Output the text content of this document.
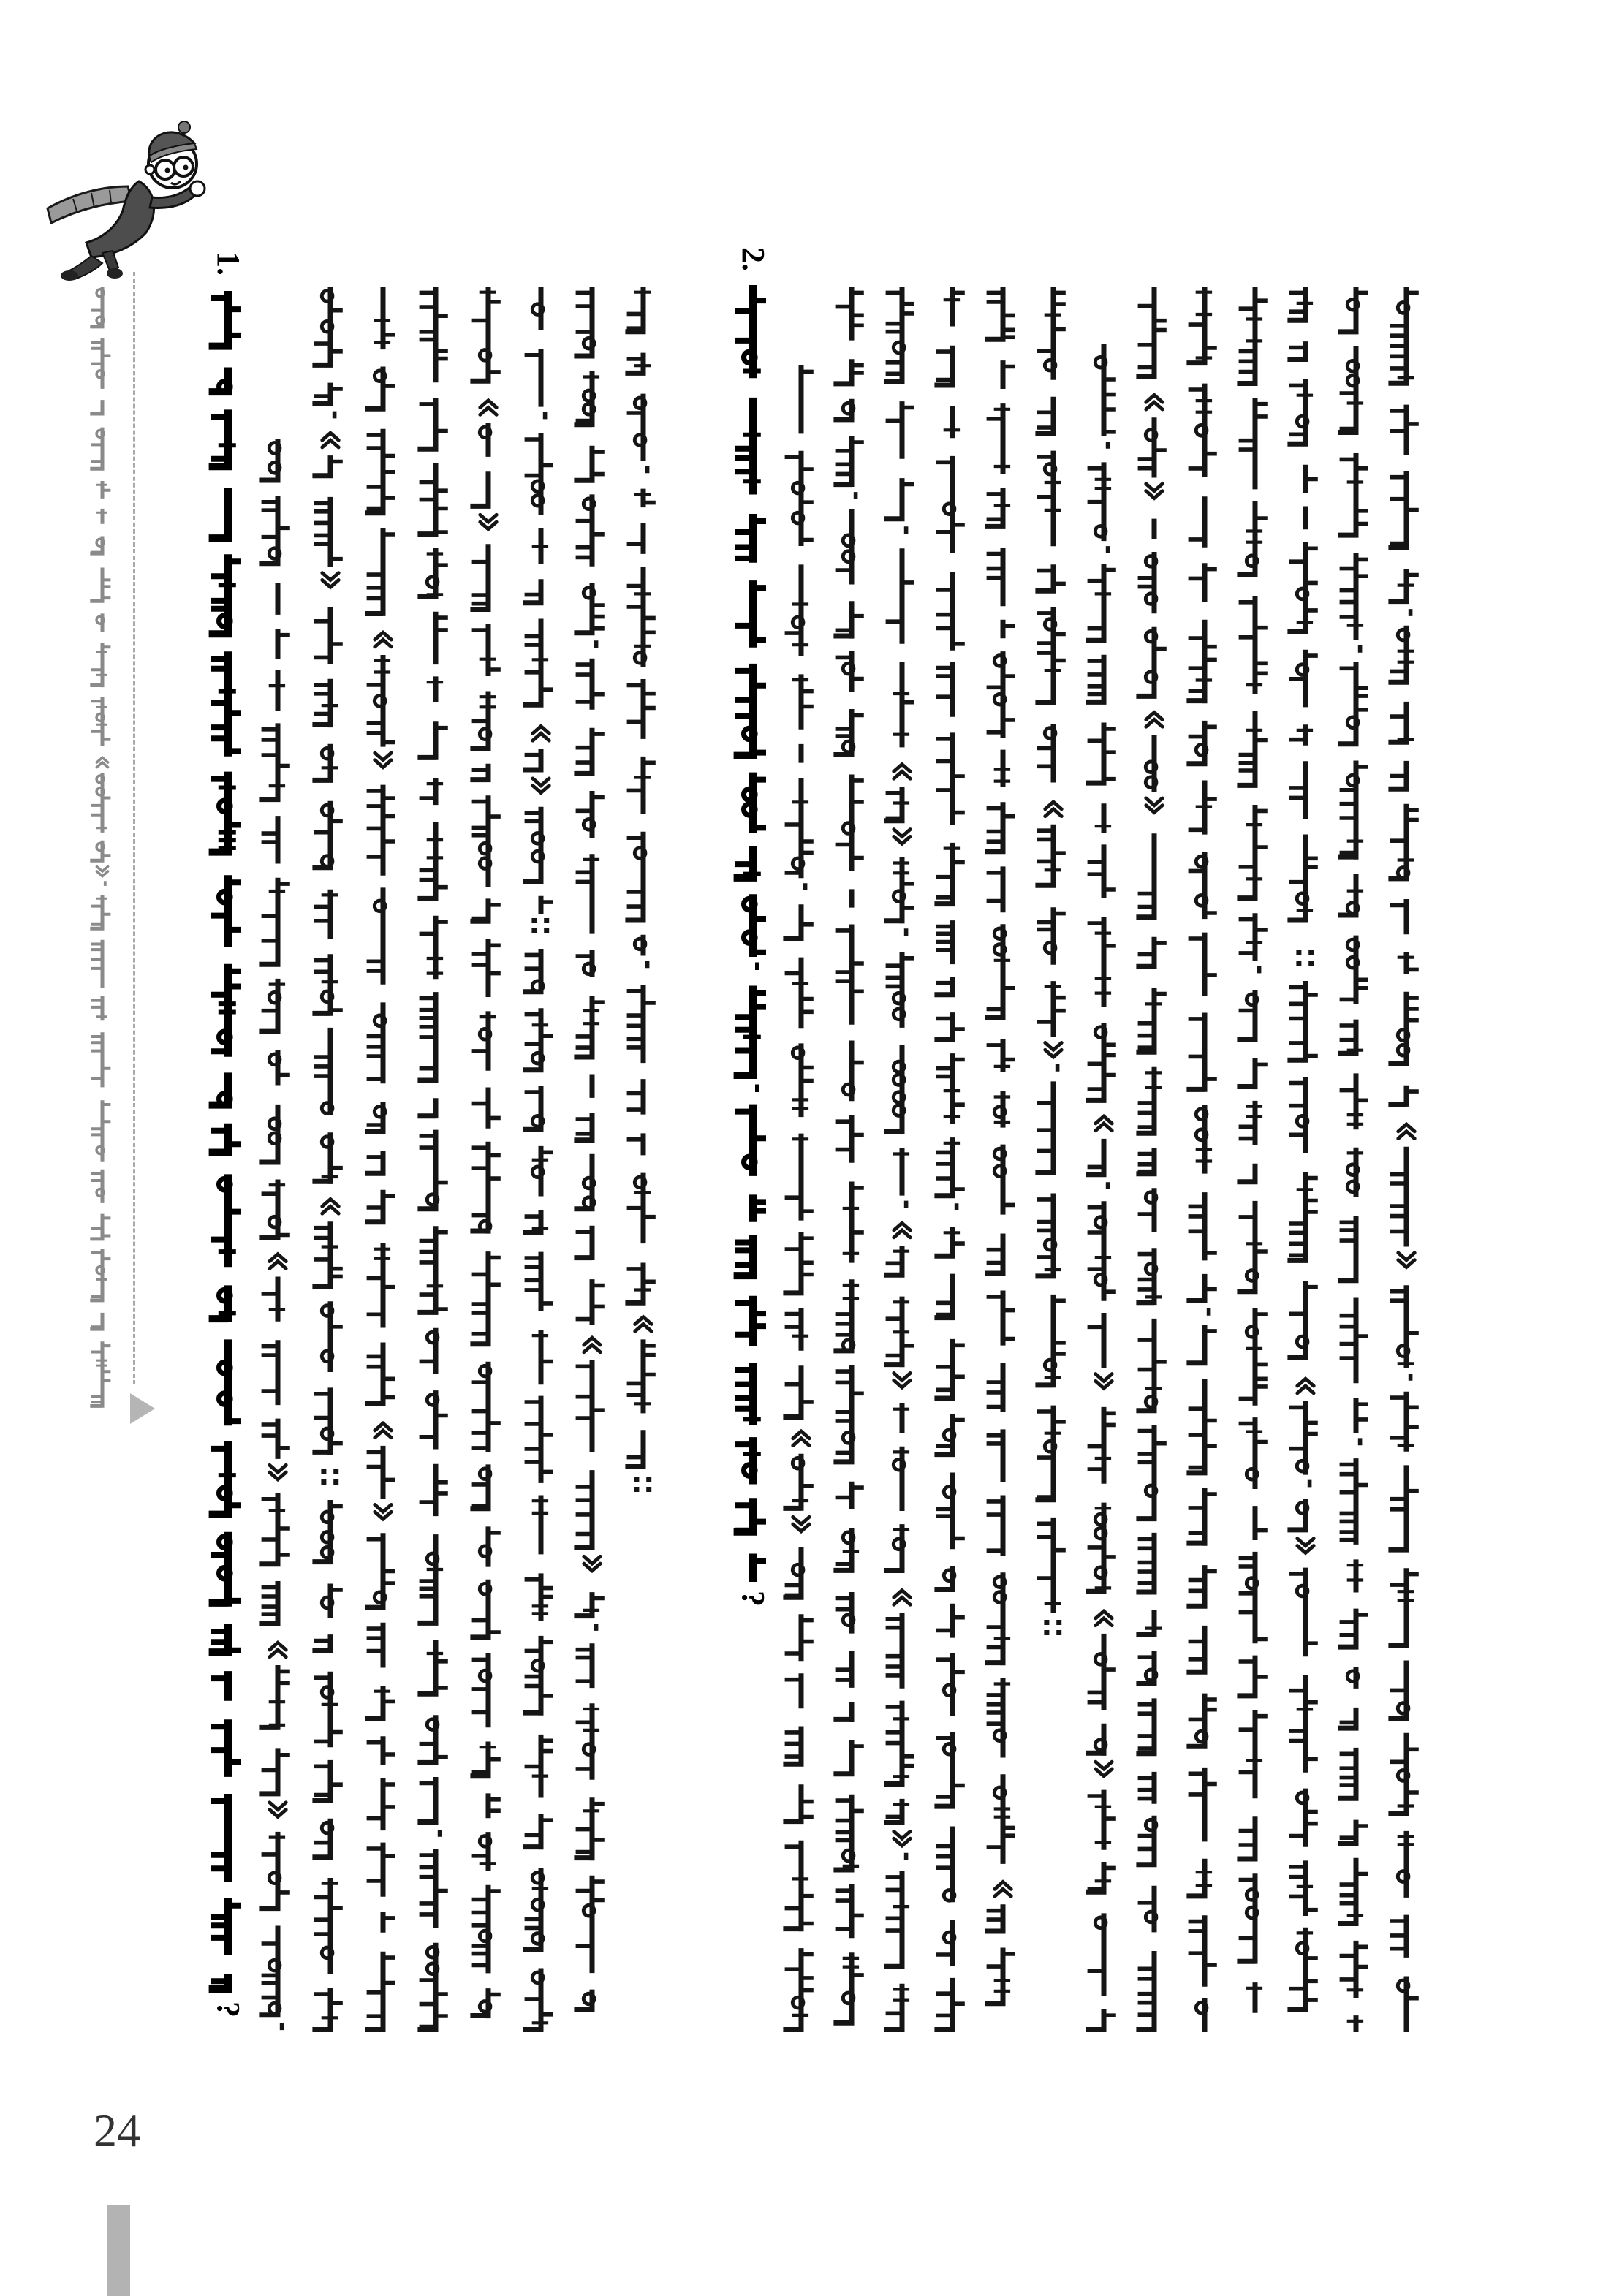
1.
?
2.
?
24
